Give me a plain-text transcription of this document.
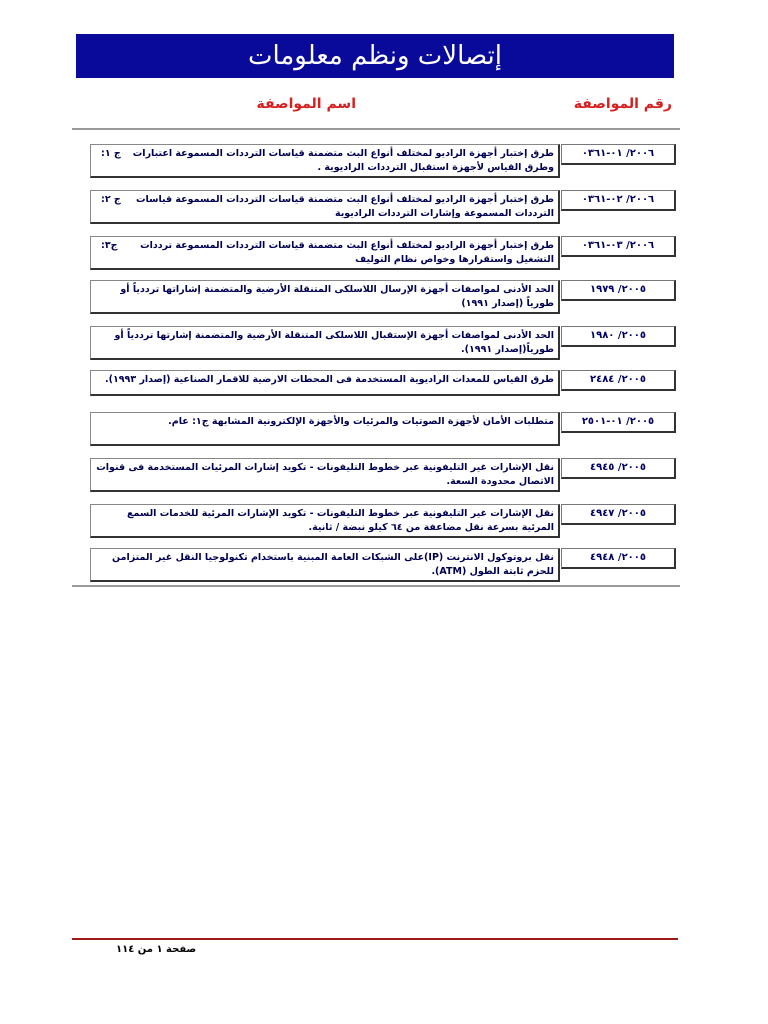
إتصالات ونظم معلومات
رقم المواصفة
اسم المواصفة
٢٠٠٦/ ٠١-٠٣٦١
ج ١: طرق إختبار أجهزة الراديو لمختلف أنواع البث متضمنة قياسات الترددات المسموعة اعتبارات وطرق القياس لأجهزة استقبال الترددات الراديوية .
٢٠٠٦/ ٠٢-٠٣٦١
ج ٢: طرق إختبار أجهزة الراديو لمختلف أنواع البث متضمنة قياسات الترددات المسموعة قياسات الترددات المسموعة وإشارات الترددات الراديوية
٢٠٠٦/ ٠٣-٠٣٦١
ج٣: طرق إختبار أجهزة الراديو لمختلف أنواع البث متضمنة قياسات الترددات المسموعة ترددات التشغيل واستقرارها وخواص نظام التوليف
٢٠٠٥/ ١٩٧٩
الحد الأدنى لمواصفات أجهزة الإرسال اللاسلكى المتنقلة الأرضية والمتضمنة إشاراتها ترددياً أو طورياً (إصدار ١٩٩١)
٢٠٠٥/ ١٩٨٠
الحد الأدنى لمواصفات أجهزة الإستقبال اللاسلكى المتنقلة الأرضية والمتضمنة إشارتها ترددياً أو طورياً(إصدار ١٩٩١).
٢٠٠٥/ ٢٤٨٤
طرق القياس للمعدات الراديوية المستخدمة فى المحطات الارضية للاقمار الصناعية (إصدار ١٩٩٣).
٢٠٠٥/ ٠١-٢٥٠١
متطلبات الأمان لأجهزة الصوتيات والمرئيات والأجهزة الإلكترونية المشابهة ج١: عام.
٢٠٠٥/ ٤٩٤٥
نقل الإشارات غير التليفونية عبر خطوط التليفونات - تكويد إشارات المرئيات المستخدمة فى قنوات الاتصال محدودة السعة.
٢٠٠٥/ ٤٩٤٧
نقل الإشارات غير التليفونية عبر خطوط التليفونات - تكويد الإشارات المرئية للخدمات السمع المرئية بسرعة نقل مضاعفة من ٦٤ كيلو نبضة / ثانية.
٢٠٠٥/ ٤٩٤٨
نقل بروتوكول الانترنت (IP)على الشبكات العامة المبنية باستخدام تكنولوجيا النقل غير المتزامن للحزم ثابتة الطول (ATM).
صفحة ١ من ١١٤
